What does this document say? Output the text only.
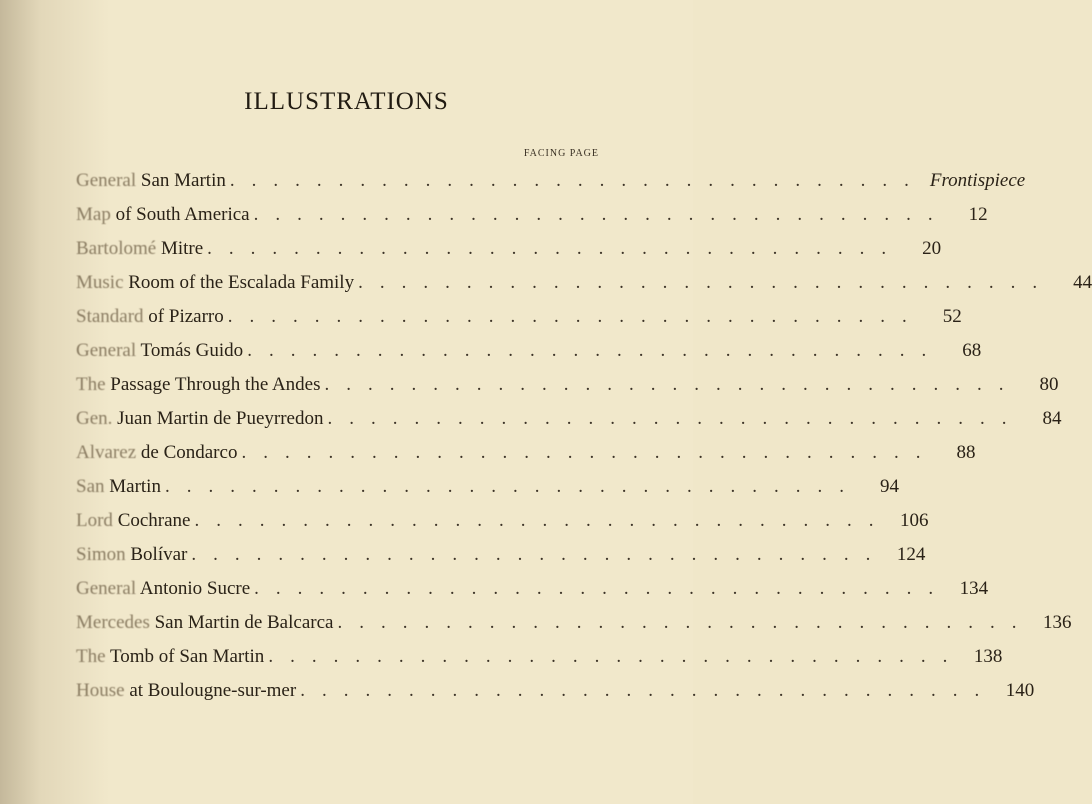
ILLUSTRATIONS
FACING PAGE
General San Martin ................................ Frontispiece
Map of South America ................................	12
Bartolomé Mitre ................................	20
Music Room of the Escalada Family ................................	44
Standard of Pizarro ................................	52
General Tomás Guido ................................	68
The Passage Through the Andes ................................	80
Gen. Juan Martin de Pueyrredon ................................	84
Alvarez de Condarco ................................	88
San Martin ................................	94
Lord Cochrane ................................ 106
Simon Bolívar ................................ 124
General Antonio Sucre ................................ 134
Mercedes San Martin de Balcarca ................................ 136
The Tomb of San Martin ................................ 138
House at Boulougne-sur-mer ................................ 140
